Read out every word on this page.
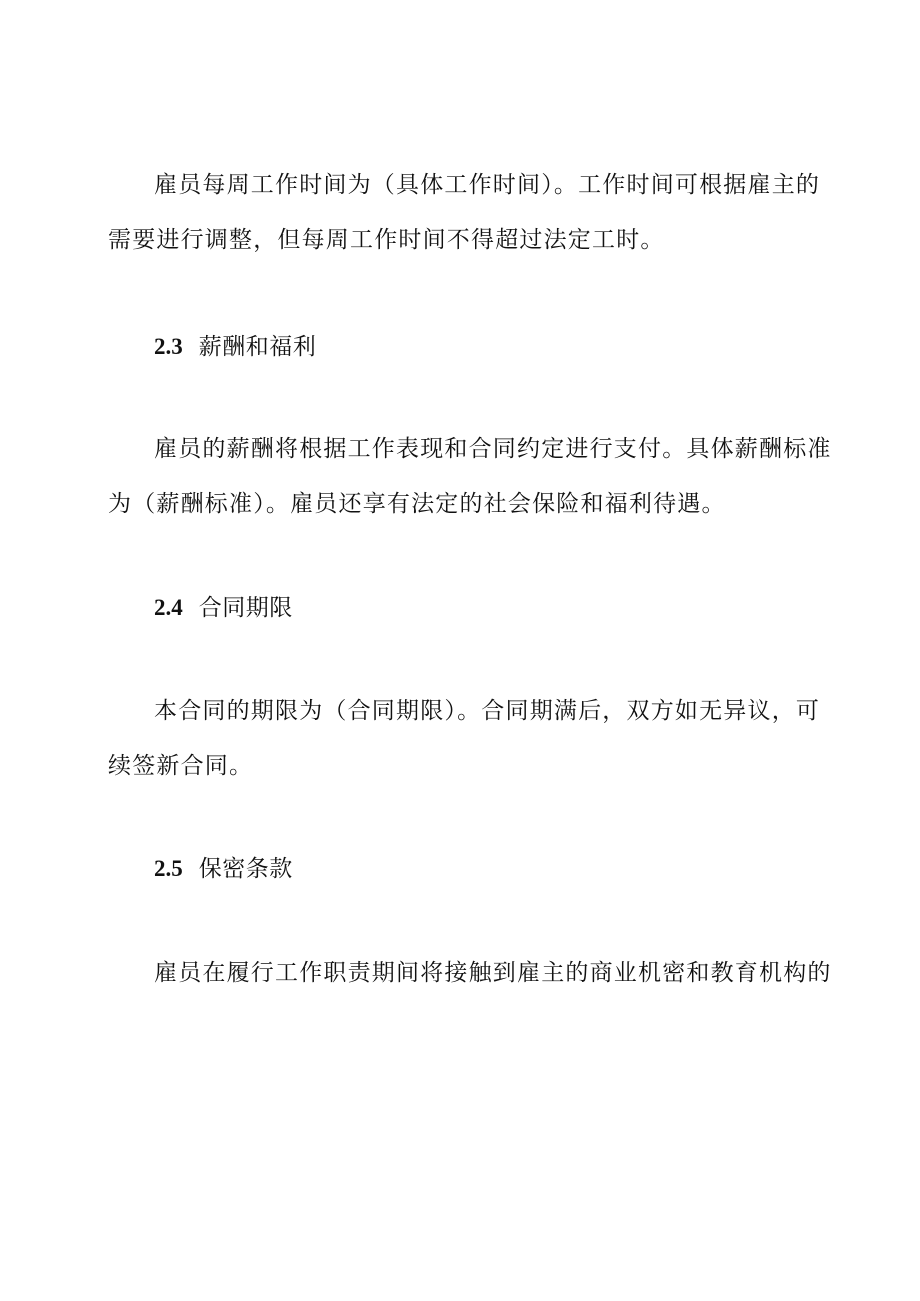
雇员每周工作时间为（具体工作时间）。工作时间可根据雇主的
需要进行调整，但每周工作时间不得超过法定工时。

2.3 薪酬和福利

雇员的薪酬将根据工作表现和合同约定进行支付。具体薪酬标准
为（薪酬标准）。雇员还享有法定的社会保险和福利待遇。

2.4 合同期限

本合同的期限为（合同期限）。合同期满后，双方如无异议，可
续签新合同。

2.5 保密条款

雇员在履行工作职责期间将接触到雇主的商业机密和教育机构的
